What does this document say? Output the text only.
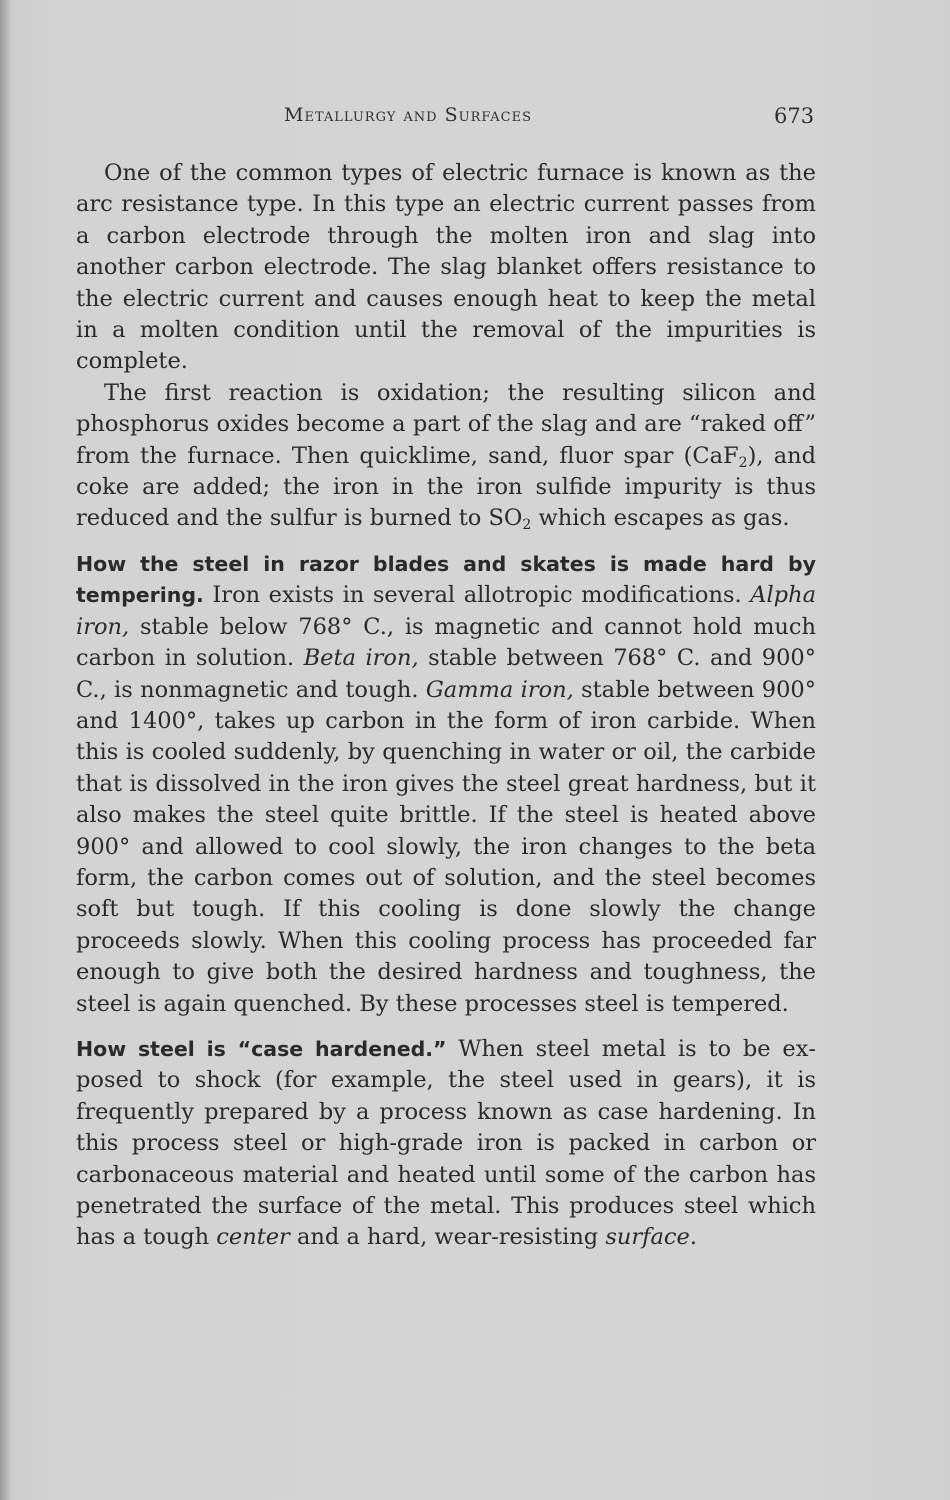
Metallurgy and Surfaces	673

One of the common types of electric furnace is known as the arc resistance type. In this type an electric current passes from a carbon electrode through the molten iron and slag into another carbon electrode. The slag blanket offers resistance to the electric current and causes enough heat to keep the metal in a molten condition until the removal of the impurities is complete.

The first reaction is oxidation; the resulting silicon and phosphorus oxides become a part of the slag and are “raked off” from the furnace. Then quicklime, sand, fluor spar (CaF$_2$), and coke are added; the iron in the iron sulfide impurity is thus reduced and the sulfur is burned to $SO_2$ which escapes as gas.

How the steel in razor blades and skates is made hard by tempering. Iron exists in several allotropic modifications. Alpha iron, stable below 768° C., is magnetic and cannot hold much carbon in solution. Beta iron, stable between 768° C. and 900° C., is nonmagnetic and tough. Gamma iron, stable between 900° and 1400°, takes up carbon in the form of iron carbide. When this is cooled suddenly, by quenching in water or oil, the carbide that is dissolved in the iron gives the steel great hardness, but it also makes the steel quite brittle. If the steel is heated above 900° and allowed to cool slowly, the iron changes to the beta form, the carbon comes out of solution, and the steel becomes soft but tough. If this cooling is done slowly the change proceeds slowly. When this cooling process has proceeded far enough to give both the desired hardness and toughness, the steel is again quenched. By these processes steel is tempered.

How steel is “case hardened.” When steel metal is to be exposed to shock (for example, the steel used in gears), it is frequently prepared by a process known as case hardening. In this process steel or high-grade iron is packed in carbon or carbonaceous material and heated until some of the carbon has penetrated the surface of the metal. This produces steel which has a tough center and a hard, wear-resisting surface.
